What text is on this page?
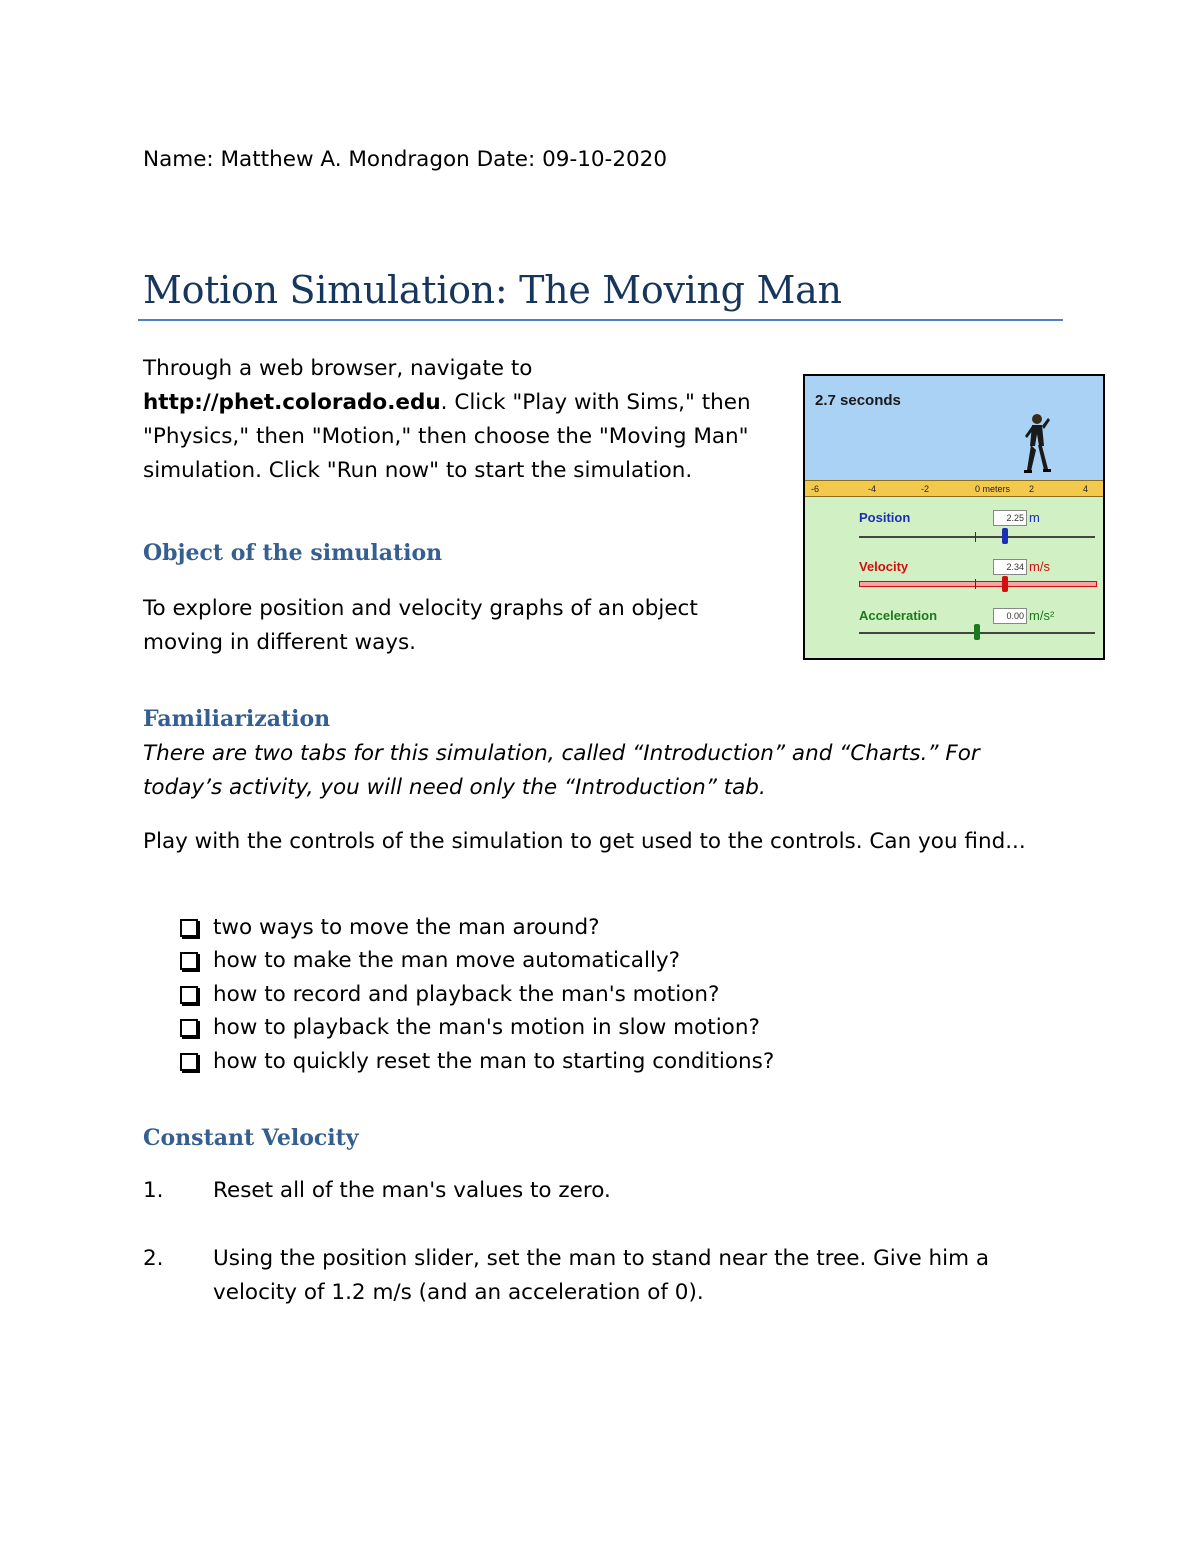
Name: Matthew A. Mondragon Date: 09-10-2020
Motion Simulation: The Moving Man
Through a web browser, navigate to
http://phet.colorado.edu. Click "Play with Sims," then "Physics," then "Motion," then choose the "Moving Man" simulation. Click "Run now" to start the simulation.
Object of the simulation
To explore position and velocity graphs of an object moving in different ways.
2.7 seconds
-6	-4	-2	0 meters 2	4
Position	2.25 m
Velocity	2.34 m/s
Acceleration	0.00 m/s²
Familiarization
There are two tabs for this simulation, called “Introduction” and “Charts.” For today’s activity, you will need only the “Introduction” tab.
Play with the controls of the simulation to get used to the controls. Can you find...
two ways to move the man around?
how to make the man move automatically?
how to record and playback the man's motion?
how to playback the man's motion in slow motion?
how to quickly reset the man to starting conditions?
Constant Velocity
1.	Reset all of the man's values to zero.
2.	Using the position slider, set the man to stand near the tree. Give him a velocity of 1.2 m/s (and an acceleration of 0).
